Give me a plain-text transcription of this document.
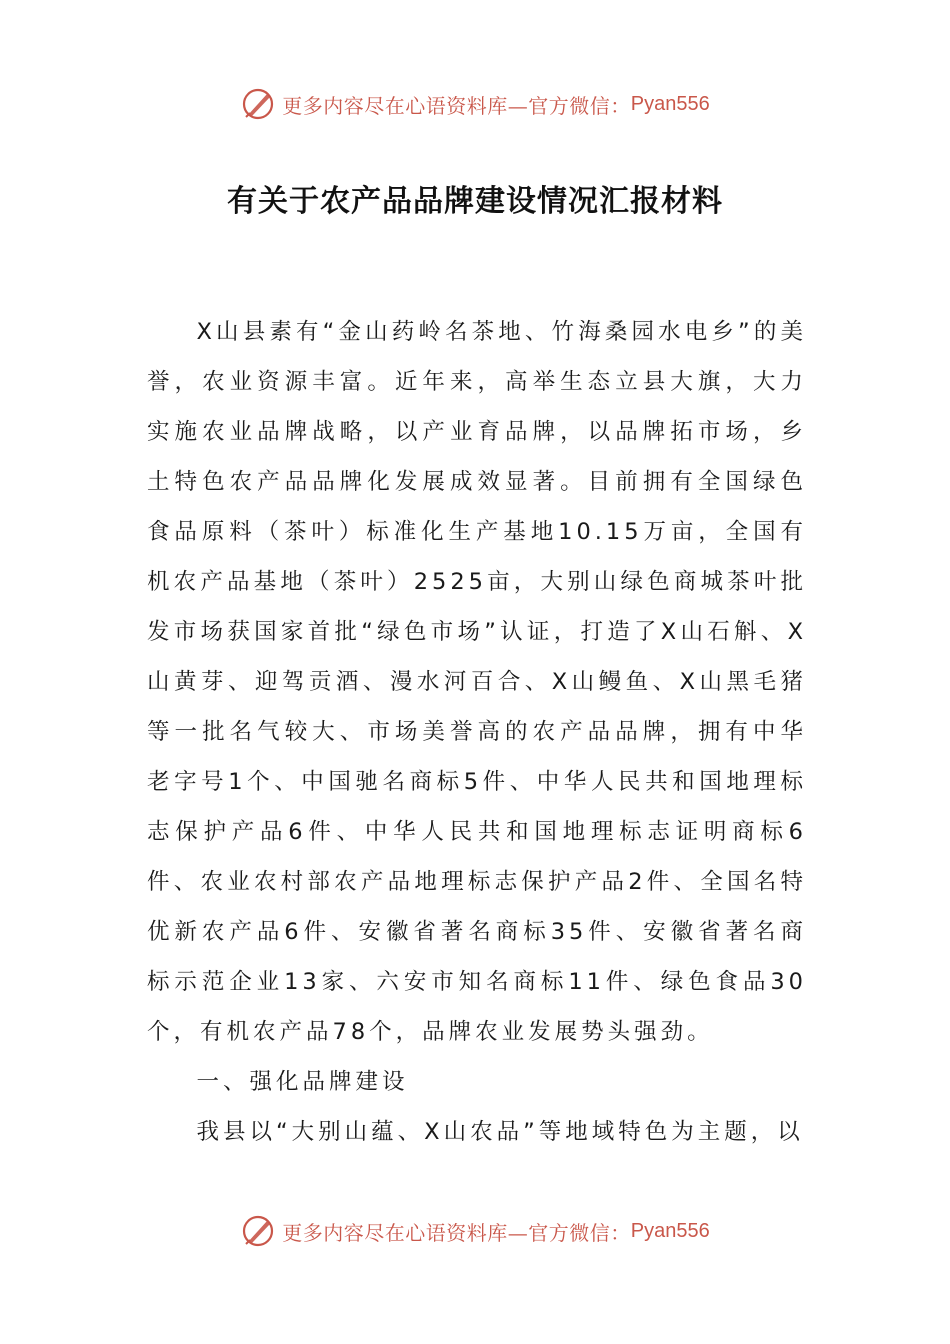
更多内容尽在心语资料库—官方微信： Pyan556
有关于农产品品牌建设情况汇报材料

X山县素有“金山药岭名茶地、竹海桑园水电乡”的美誉，农业资源丰富。近年来，高举生态立县大旗，大力实施农业品牌战略，以产业育品牌，以品牌拓市场，乡土特色农产品品牌化发展成效显著。目前拥有全国绿色食品原料（茶叶）标准化生产基地10.15万亩，全国有机农产品基地（茶叶）2525亩，大别山绿色商城茶叶批发市场获国家首批“绿色市场”认证，打造了X山石斛、X山黄芽、迎驾贡酒、漫水河百合、X山鳗鱼、X山黑毛猪等一批名气较大、市场美誉高的农产品品牌，拥有中华老字号1个、中国驰名商标5件、中华人民共和国地理标志保护产品6件、中华人民共和国地理标志证明商标6件、农业农村部农产品地理标志保护产品2件、全国名特优新农产品6件、安徽省著名商标35件、安徽省著名商标示范企业13家、六安市知名商标11件、绿色食品30个，有机农产品78个，品牌农业发展势头强劲。

一、强化品牌建设

我县以“大别山蕴、X山农品”等地域特色为主题，以

更多内容尽在心语资料库—官方微信： Pyan556
